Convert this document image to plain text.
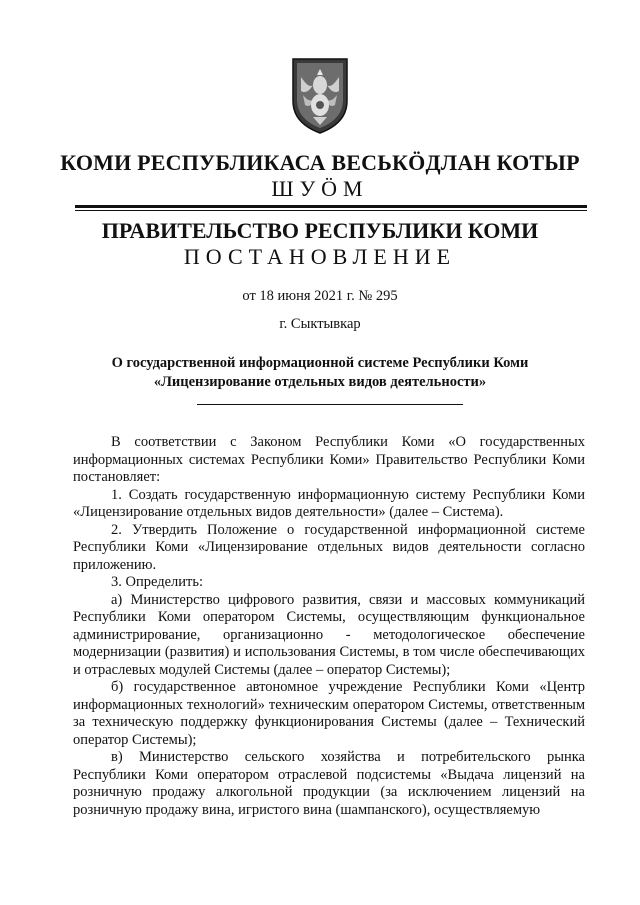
КОМИ РЕСПУБЛИКАСА ВЕСЬКӦДЛАН КОТЫР
ШУӦМ
ПРАВИТЕЛЬСТВО РЕСПУБЛИКИ КОМИ
ПОСТАНОВЛЕНИЕ
от 18 июня 2021 г. № 295
г. Сыктывкар
О государственной информационной системе Республики Коми
«Лицензирование отдельных видов деятельности»

В соответствии с Законом Республики Коми «О государственных информационных системах Республики Коми» Правительство Республики Коми постановляет:

1. Создать государственную информационную систему Республики Коми «Лицензирование отдельных видов деятельности» (далее – Система).

2. Утвердить Положение о государственной информационной системе Республики Коми «Лицензирование отдельных видов деятельности согласно приложению.

3. Определить:

а) Министерство цифрового развития, связи и массовых коммуникаций Республики Коми оператором Системы, осуществляющим функциональное администрирование, организационно - методологическое обеспечение модернизации (развития) и использования Системы, в том числе обеспечивающих и отраслевых модулей Системы (далее – оператор Системы);

б) государственное автономное учреждение Республики Коми «Центр информационных технологий» техническим оператором Системы, ответственным за техническую поддержку функционирования Системы (далее – Технический оператор Системы);

в) Министерство сельского хозяйства и потребительского рынка Республики Коми оператором отраслевой подсистемы «Выдача лицензий на розничную продажу алкогольной продукции (за исключением лицензий на розничную продажу вина, игристого вина (шампанского), осуществляемую
